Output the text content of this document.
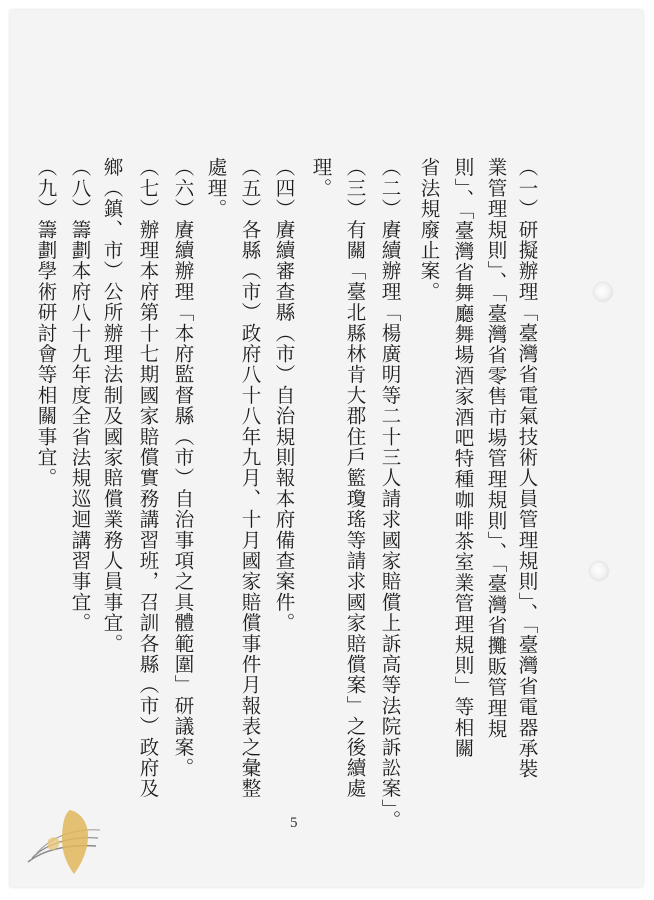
（一）研擬辦理「臺灣省電氣技術人員管理規則」、「臺灣省電器承裝
業管理規則」、「臺灣省零售市場管理規則」、「臺灣省攤販管理規
則」、「臺灣省舞廳舞場酒家酒吧特種咖啡茶室業管理規則」等相關
省法規廢止案。
（二）賡續辦理「楊廣明等二十三人請求國家賠償上訴高等法院訴訟案」。
（三）有關「臺北縣林肯大郡住戶籃瓊瑤等請求國家賠償案」之後續處
理。
（四）賡續審查縣（市）自治規則報本府備查案件。
（五）各縣（市）政府八十八年九月、十月國家賠償事件月報表之彙整
處理。
（六）賡續辦理「本府監督縣（市）自治事項之具體範圍」研議案。
（七）辦理本府第十七期國家賠償實務講習班，召訓各縣（市）政府及
鄉（鎮、市）公所辦理法制及國家賠償業務人員事宜。
（八）籌劃本府八十九年度全省法規巡迴講習事宜。
（九）籌劃學術研討會等相關事宜。
5
